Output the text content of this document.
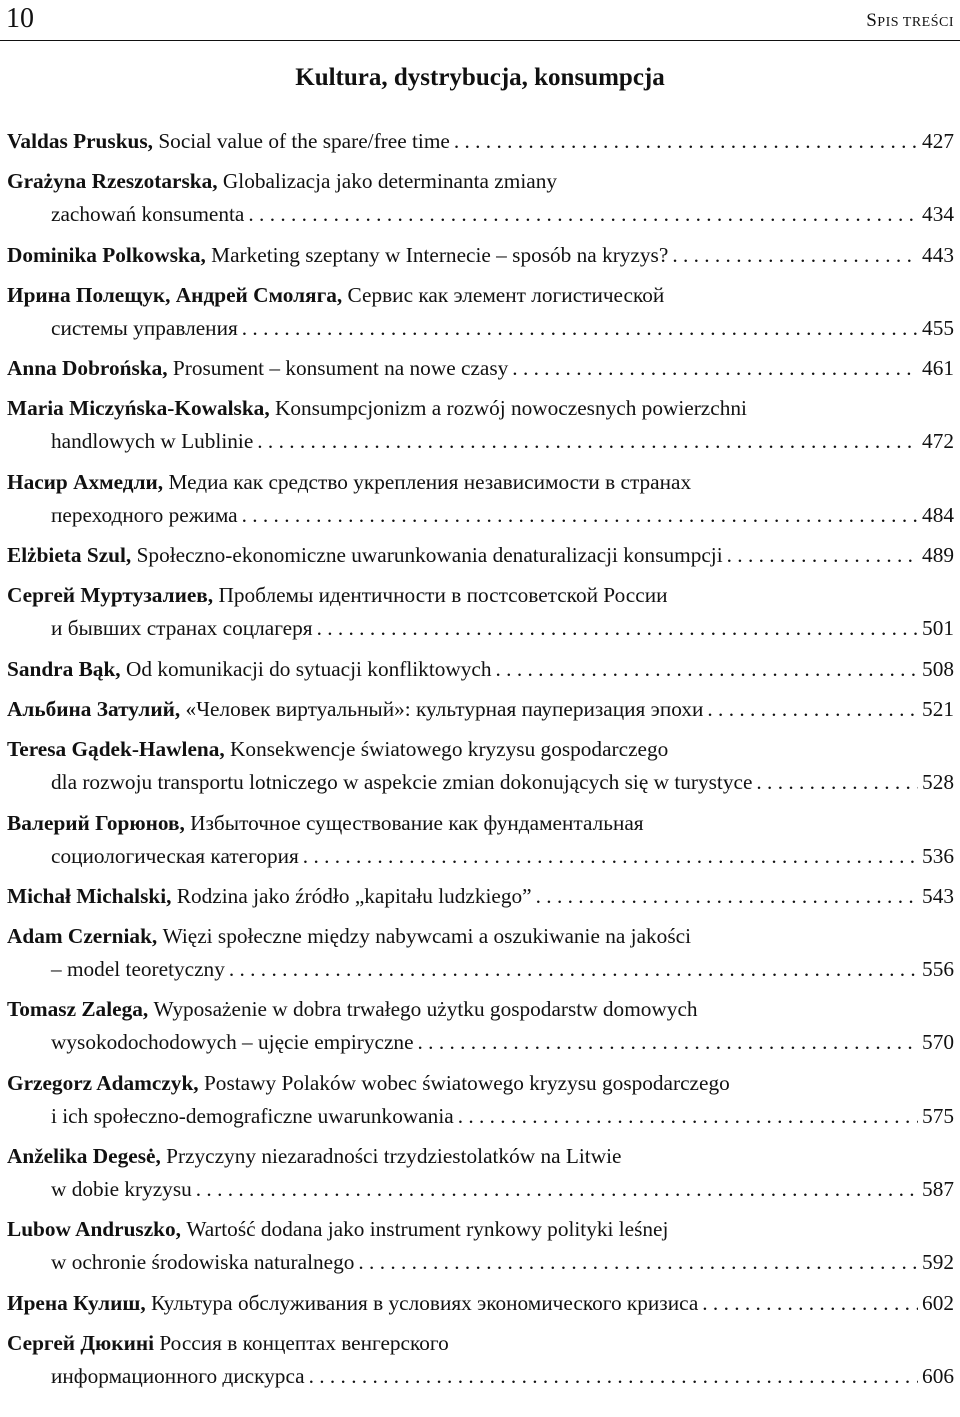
10	SPIS TREŚCI
Kultura, dystrybucja, konsumpcja
Valdas Pruskus,
Social value of the spare/free time . . .	427
Grażyna Rzeszotarska,
Globalizacja jako determinanta zmiany
zachowań konsumenta . . .	434
Dominika Polkowska,
Marketing szeptany w Internecie – sposób na kryzys? . . .	443
Ирина Полещук, Андрей Смоляга,
Сервис как элемент логистической
системы управления . . .	455
Anna Dobrońska,
Prosument – konsument na nowe czasy . . .	461
Maria Miczyńska-Kowalska,
Konsumpcjonizm a rozwój nowoczesnych powierzchni
handlowych w Lublinie . . .	472
Насир Ахмедли,
Медиа как средство укрепления независимости в странах
переходного режима . . .	484
Elżbieta Szul,
Społeczno-ekonomiczne uwarunkowania denaturalizacji konsumpcji . . .	489
Сергей Муртузалиев,
Проблемы идентичности в постсоветской России
и бывших странах соцлагеря . . .	501
Sandra Bąk,
Od komunikacji do sytuacji konfliktowych . . .	508
Альбина Затулий,
«Человек виртуальный»: культурная пауперизация эпохи . . .	521
Teresa Gądek-Hawlena,
Konsekwencje światowego kryzysu gospodarczego
dla rozwoju transportu lotniczego w aspekcie zmian dokonujących się w turystyce . . .	528
Валерий Горюнов,
Избыточное существование как фундаментальная
социологическая категория . . .	536
Michał Michalski,
Rodzina jako źródło „kapitału ludzkiego” . . .	543
Adam Czerniak,
Więzi społeczne między nabywcami a oszukiwanie na jakości
– model teoretyczny . . .	556
Tomasz Zalega,
Wyposażenie w dobra trwałego użytku gospodarstw domowych
wysokodochodowych – ujęcie empiryczne . . .	570
Grzegorz Adamczyk,
Postawy Polaków wobec światowego kryzysu gospodarczego
i ich społeczno-demograficzne uwarunkowania . . .	575
Anželika Degesė,
Przyczyny niezaradności trzydziestolatków na Litwie
w dobie kryzysu . . .	587
Lubow Andruszko,
Wartość dodana jako instrument rynkowy polityki leśnej
w ochronie środowiska naturalnego . . .	592
Ирена Кулиш,
Культура обслуживания в условиях экономического кризиса . . .	602
Сергей Дюкині
Россия в концептах венгерского
информационного дискурса . . .	606
